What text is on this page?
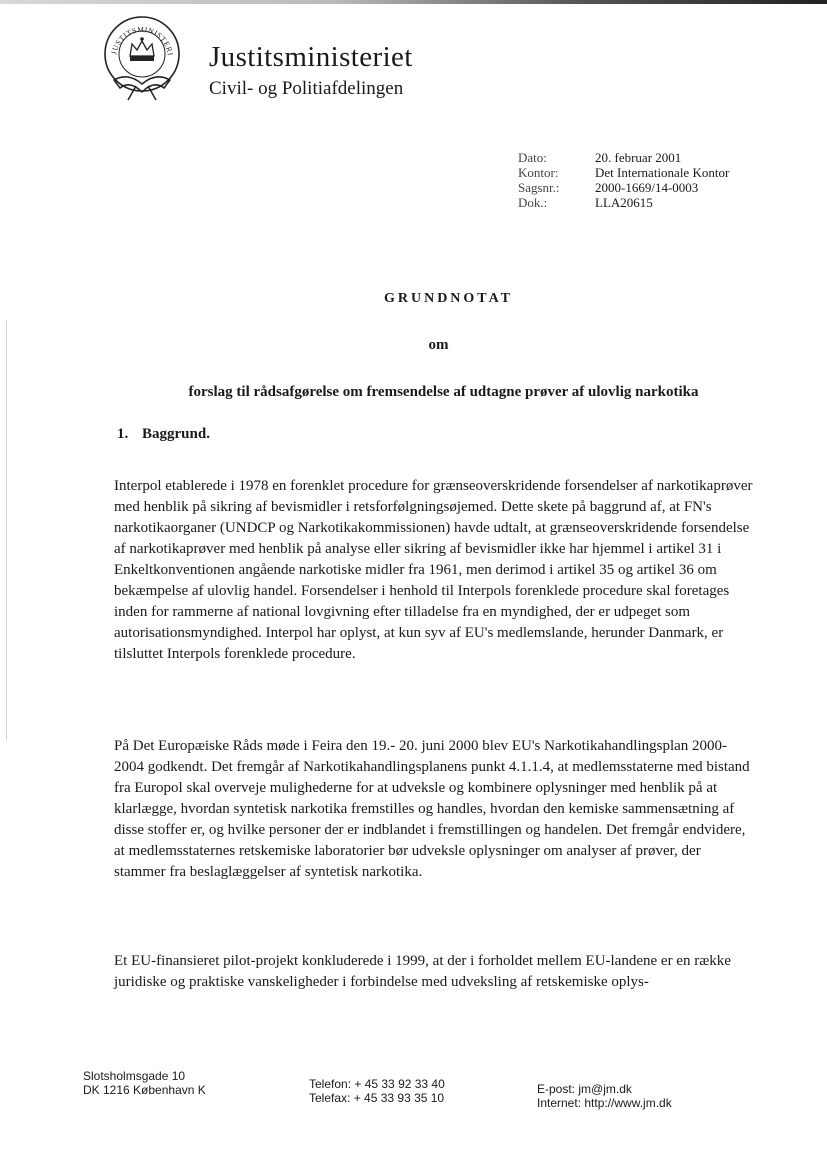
JUSTITSMINISTERI Justitsministeriet
Civil- og Politiafdelingen
Dato:	20. februar 2001
Kontor:	Det Internationale Kontor
Sagsnr.:	2000-1669/14-0003
Dok.:	LLA20615
GRUNDNOTAT
om
forslag til rådsafgørelse om fremsendelse af udtagne prøver af ulovlig narkotika
1. Baggrund.

Interpol etablerede i 1978 en forenklet procedure for grænseoverskridende forsendelser af narkotikaprøver med henblik på sikring af bevismidler i retsforfølgningsøjemed. Dette skete på baggrund af, at FN's narkotikaorganer (UNDCP og Narkotikakommissionen) havde udtalt, at grænseoverskridende forsendelse af narkotikaprøver med henblik på analyse eller sikring af bevismidler ikke har hjemmel i artikel 31 i Enkeltkonventionen angående narkotiske midler fra 1961, men derimod i artikel 35 og artikel 36 om bekæmpelse af ulovlig handel. Forsendelser i henhold til Interpols forenklede procedure skal foretages inden for rammerne af national lovgivning efter tilladelse fra en myndighed, der er udpeget som autorisationsmyndighed. Interpol har oplyst, at kun syv af EU's medlemslande, herunder Danmark, er tilsluttet Interpols forenklede procedure.

På Det Europæiske Råds møde i Feira den 19.- 20. juni 2000 blev EU's Narkotikahandlingsplan 2000-2004 godkendt. Det fremgår af Narkotikahandlingsplanens punkt 4.1.1.4, at medlemsstaterne med bistand fra Europol skal overveje mulighederne for at udveksle og kombinere oplysninger med henblik på at klarlægge, hvordan syntetisk narkotika fremstilles og handles, hvordan den kemiske sammensætning af disse stoffer er, og hvilke personer der er indblandet i fremstillingen og handelen. Det fremgår endvidere, at medlemsstaternes retskemiske laboratorier bør udveksle oplysninger om analyser af prøver, der stammer fra beslaglæggelser af syntetisk narkotika.

Et EU-finansieret pilot-projekt konkluderede i 1999, at der i forholdet mellem EU-landene er en række juridiske og praktiske vanskeligheder i forbindelse med udveksling af retskemiske oplys-

Slotsholmsgade 10
DK 1216 København K	Telefon: + 45 33 92 33 40
Telefax: + 45 33 93 35 10
E-post: jm@jm.dk
Internet: http://www.jm.dk
